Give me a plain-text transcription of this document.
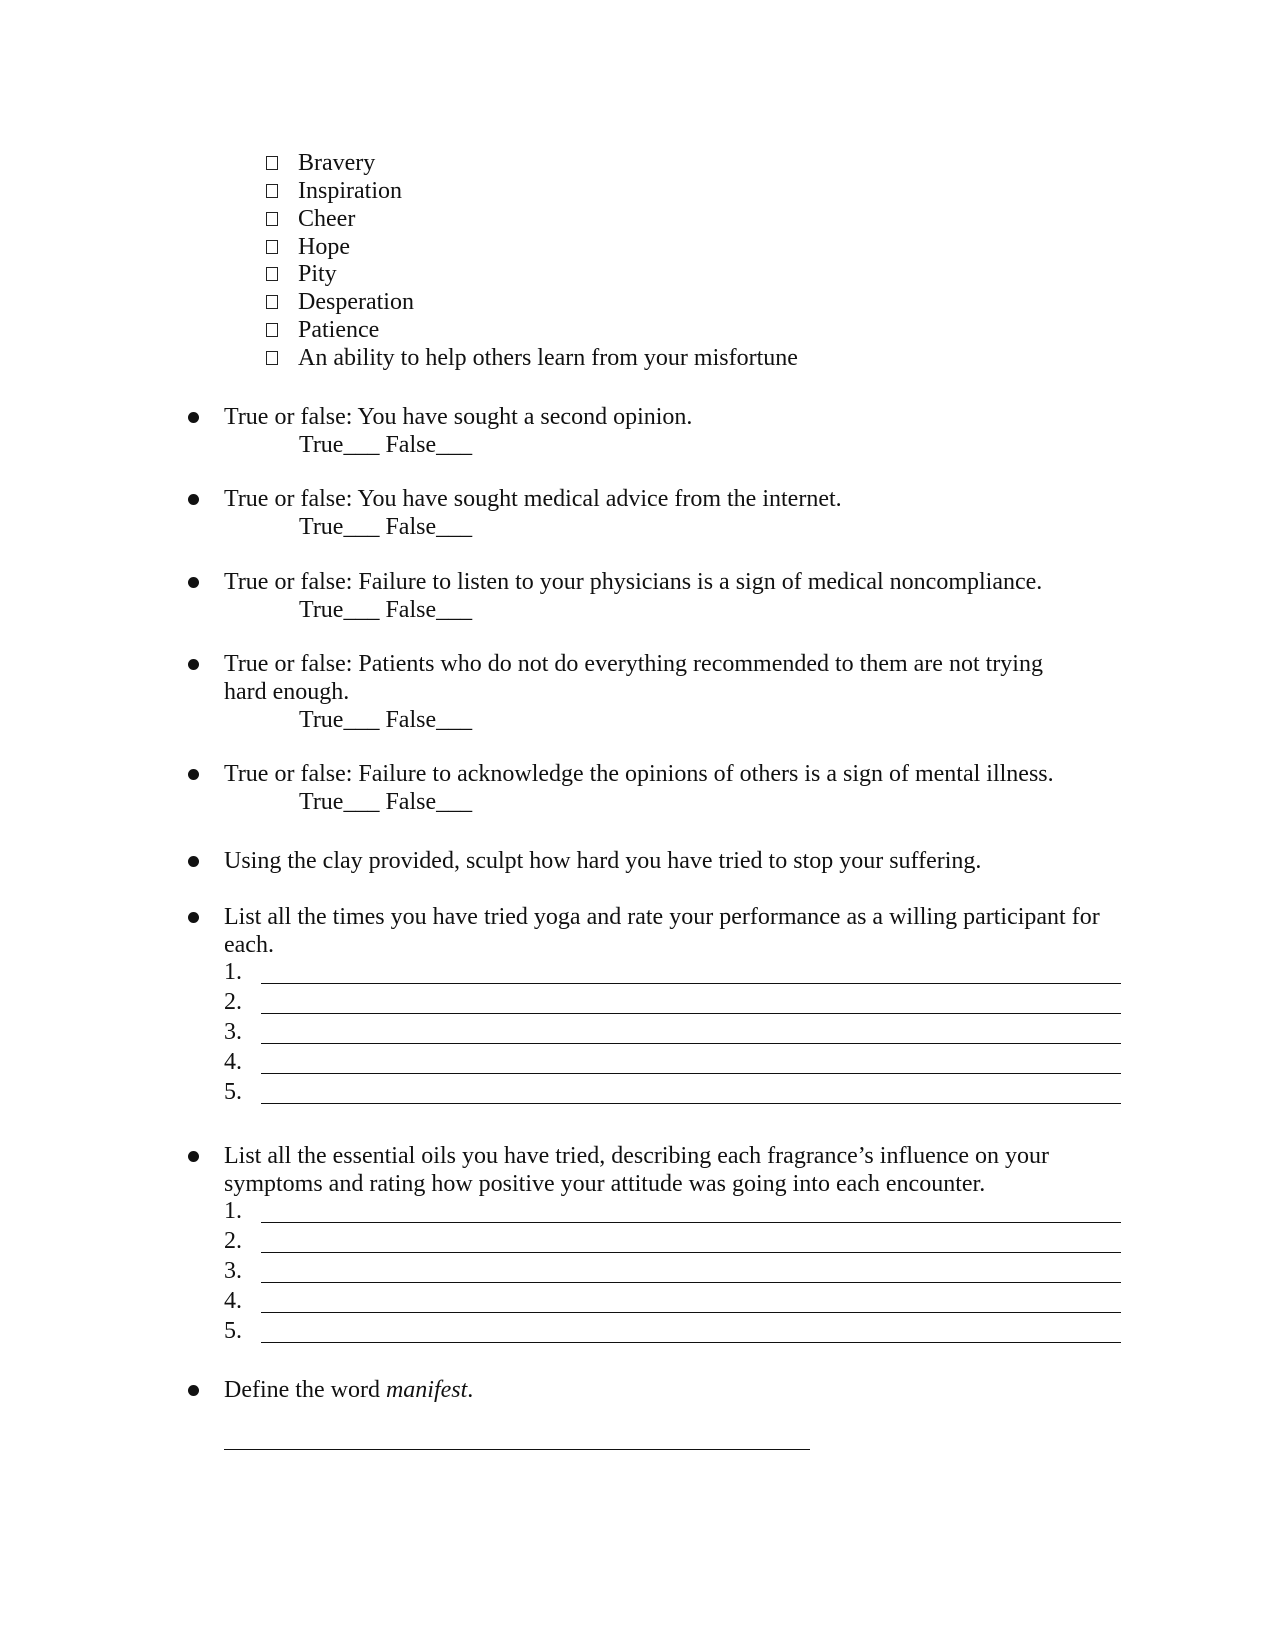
Bravery
Inspiration
Cheer
Hope
Pity
Desperation
Patience
An ability to help others learn from your misfortune
True or false: You have sought a second opinion.
True___ False___
True or false: You have sought medical advice from the internet.
True___ False___
True or false: Failure to listen to your physicians is a sign of medical noncompliance.
True___ False___
True or false: Patients who do not do everything recommended to them are not trying hard enough.
True___ False___
True or false: Failure to acknowledge the opinions of others is a sign of mental illness.
True___ False___
Using the clay provided, sculpt how hard you have tried to stop your suffering.
List all the times you have tried yoga and rate your performance as a willing participant for each.
1.
2.
3.
4.
5.
List all the essential oils you have tried, describing each fragrance’s influence on your symptoms and rating how positive your attitude was going into each encounter.
1.
2.
3.
4.
5.
Define the word manifest.
